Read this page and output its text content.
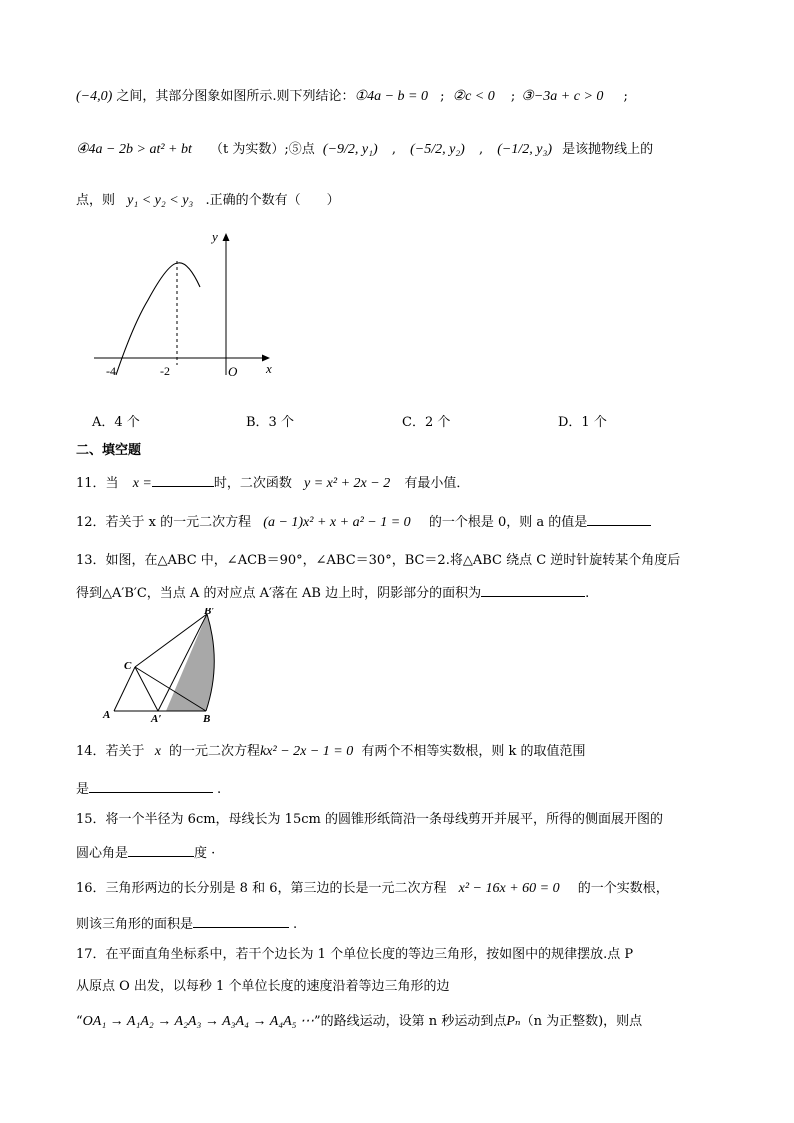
(−4,0) 之间，其部分图象如图所示.则下列结论：①4a − b = 0 ; ②c < 0 ; ③−3a + c > 0 ;
④4a − 2b > at² + bt （t 为实数）;⑤点 (−9/2, y₁) , (−5/2, y₂) , (−1/2, y₃) 是该抛物线上的
点，则 y₁ < y₂ < y₃ .正确的个数有（　　）
y
x
-4	-2	O
A．4 个	B．3 个	C．2 个	D．1 个
二、填空题
11．当 x =	时，二次函数 y = x² + 2x − 2 有最小值．
12．若关于 x 的一元二次方程 (a − 1)x² + x + a² − 1 = 0 的一个根是 0，则 a 的值是
13．如图，在△ABC 中，∠ACB＝90°，∠ABC＝30°，BC＝2.将△ABC 绕点 C 逆时针旋转某个角度后
得到△A′B′C，当点 A 的对应点 A′落在 AB 边上时，阴影部分的面积为	.
C
A	A′	B
B′
14．若关于 x 的一元二次方程kx² − 2x − 1 = 0 有两个不相等实数根，则 k 的取值范围
是	.
15．将一个半径为 6cm，母线长为 15cm 的圆锥形纸筒沿一条母线剪开并展平，所得的侧面展开图的
圆心角是	度 ·
16．三角形两边的长分别是 8 和 6，第三边的长是一元二次方程 x² − 16x + 60 = 0 的一个实数根，
则该三角形的面积是	.
17．在平面直角坐标系中，若干个边长为 1 个单位长度的等边三角形，按如图中的规律摆放.点 P
从原点 O 出发，以每秒 1 个单位长度的速度沿着等边三角形的边
“OA₁ → A₁A₂ → A₂A₃ → A₃A₄ → A₄A₅ ⋯”的路线运动，设第 n 秒运动到点Pₙ（n 为正整数)，则点
